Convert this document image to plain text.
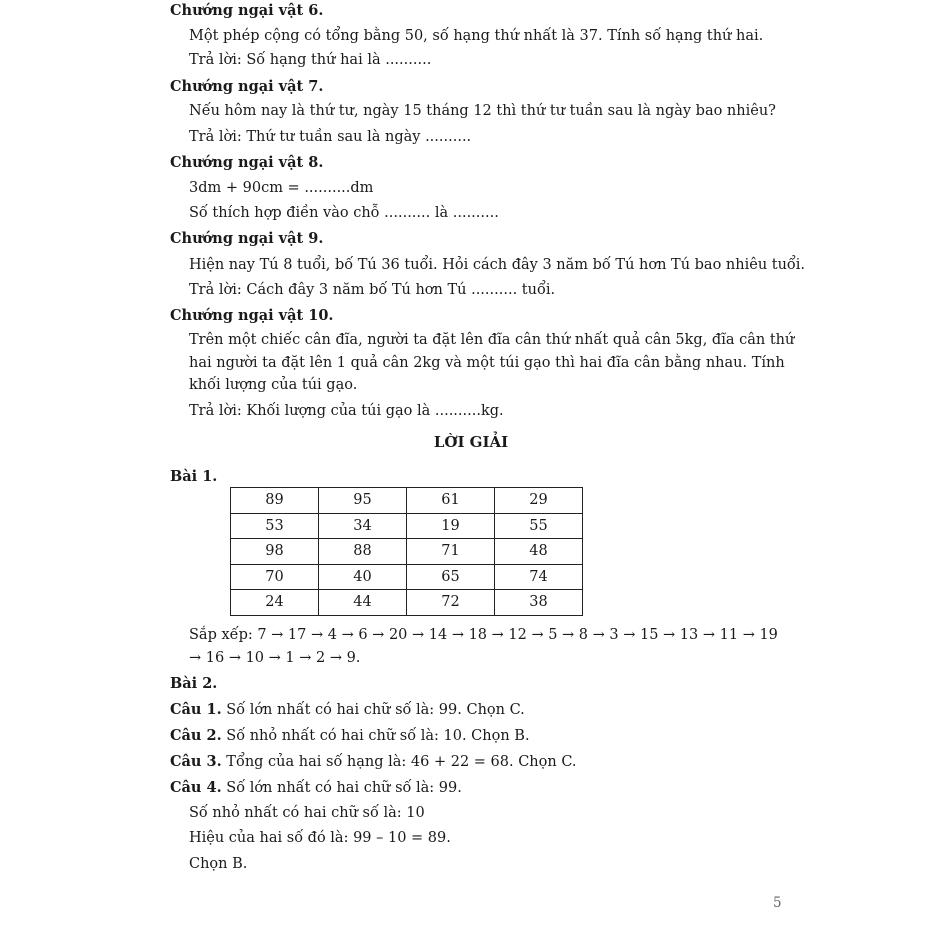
Chướng ngại vật 6.
Một phép cộng có tổng bằng 50, số hạng thứ nhất là 37. Tính số hạng thứ hai.
Trả lời: Số hạng thứ hai là ..........
Chướng ngại vật 7.
Nếu hôm nay là thứ tư, ngày 15 tháng 12 thì thứ tư tuần sau là ngày bao nhiêu?
Trả lời: Thứ tư tuần sau là ngày ..........
Chướng ngại vật 8.
3dm + 90cm = ..........dm
Số thích hợp điền vào chỗ .......... là ..........
Chướng ngại vật 9.
Hiện nay Tú 8 tuổi, bố Tú 36 tuổi. Hỏi cách đây 3 năm bố Tú hơn Tú bao nhiêu tuổi.
Trả lời: Cách đây 3 năm bố Tú hơn Tú .......... tuổi.
Chướng ngại vật 10.
Trên một chiếc cân đĩa, người ta đặt lên đĩa cân thứ nhất quả cân 5kg, đĩa cân thứ
hai người ta đặt lên 1 quả cân 2kg và một túi gạo thì hai đĩa cân bằng nhau. Tính
khối lượng của túi gạo.
Trả lời: Khối lượng của túi gạo là ..........kg.
LỜI GIẢI
Bài 1.
89	95	61	29
53	34	19	55
98	88	71	48
70	40	65	74
24	44	72	38
Sắp xếp: 7 → 17 → 4 → 6 → 20 → 14 → 18 → 12 → 5 → 8 → 3 → 15 → 13 → 11 → 19
→ 16 → 10 → 1 → 2 → 9.
Bài 2.
Câu 1. Số lớn nhất có hai chữ số là: 99. Chọn C.
Câu 2. Số nhỏ nhất có hai chữ số là: 10. Chọn B.
Câu 3. Tổng của hai số hạng là: 46 + 22 = 68. Chọn C.
Câu 4. Số lớn nhất có hai chữ số là: 99.
Số nhỏ nhất có hai chữ số là: 10
Hiệu của hai số đó là: 99 – 10 = 89.
Chọn B.
5
